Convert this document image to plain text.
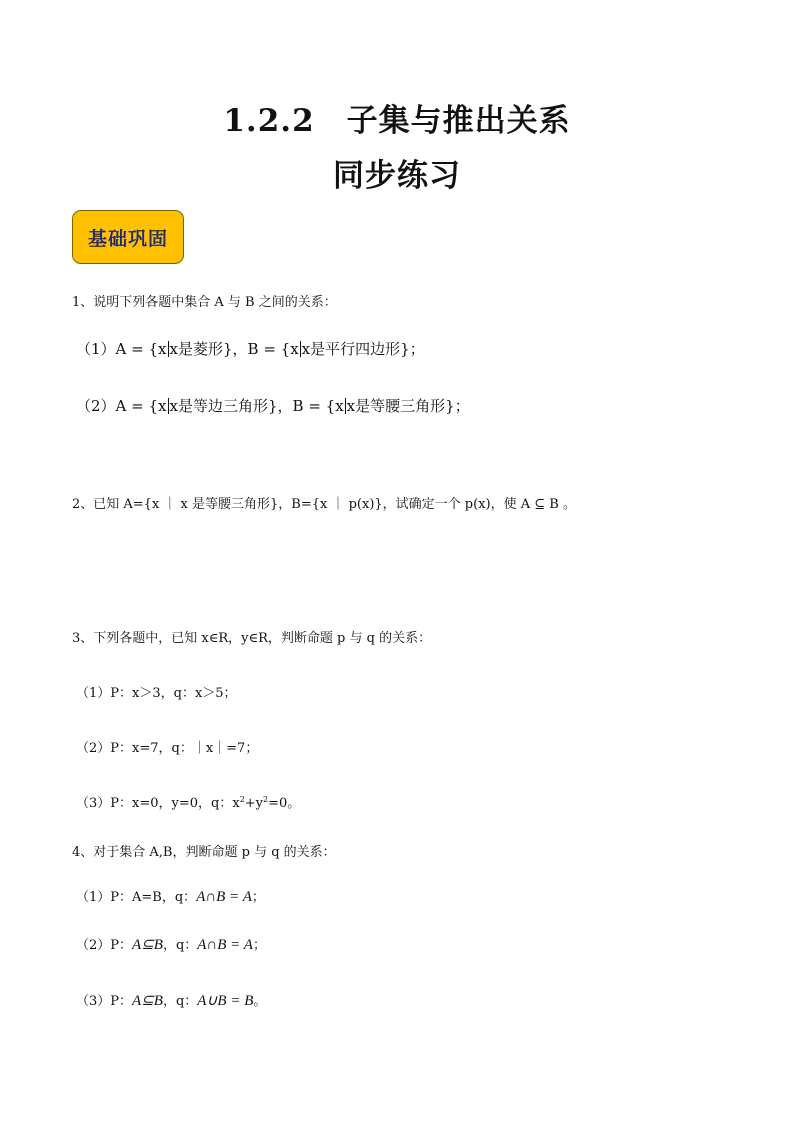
1.2.2　子集与推出关系
同步练习
基础巩固
1、说明下列各题中集合 A 与 B 之间的关系：
（1）A = {x x是菱形}，B = {x x是平行四边形}；
（2）A = {x x是等边三角形}，B = {x x是等腰三角形}；
2、已知 A={x ｜ x 是等腰三角形}，B={x ｜ p(x)}，试确定一个 p(x)，使 A ⊆ B 。
3、下列各题中，已知 x∈R，y∈R，判断命题 p 与 q 的关系：
（1）P：x＞3，q：x＞5；
（2）P：x=7，q：｜x｜=7；
（3）P：x=0，y=0，q：$x^2+y^2=0$。
4、对于集合 A,B，判断命题 p 与 q 的关系：
（1）P：A=B，q：A∩B = A；
（2）P：A⊆B，q：A∩B = A；
（3）P：A⊆B，q：A∪B = B。
